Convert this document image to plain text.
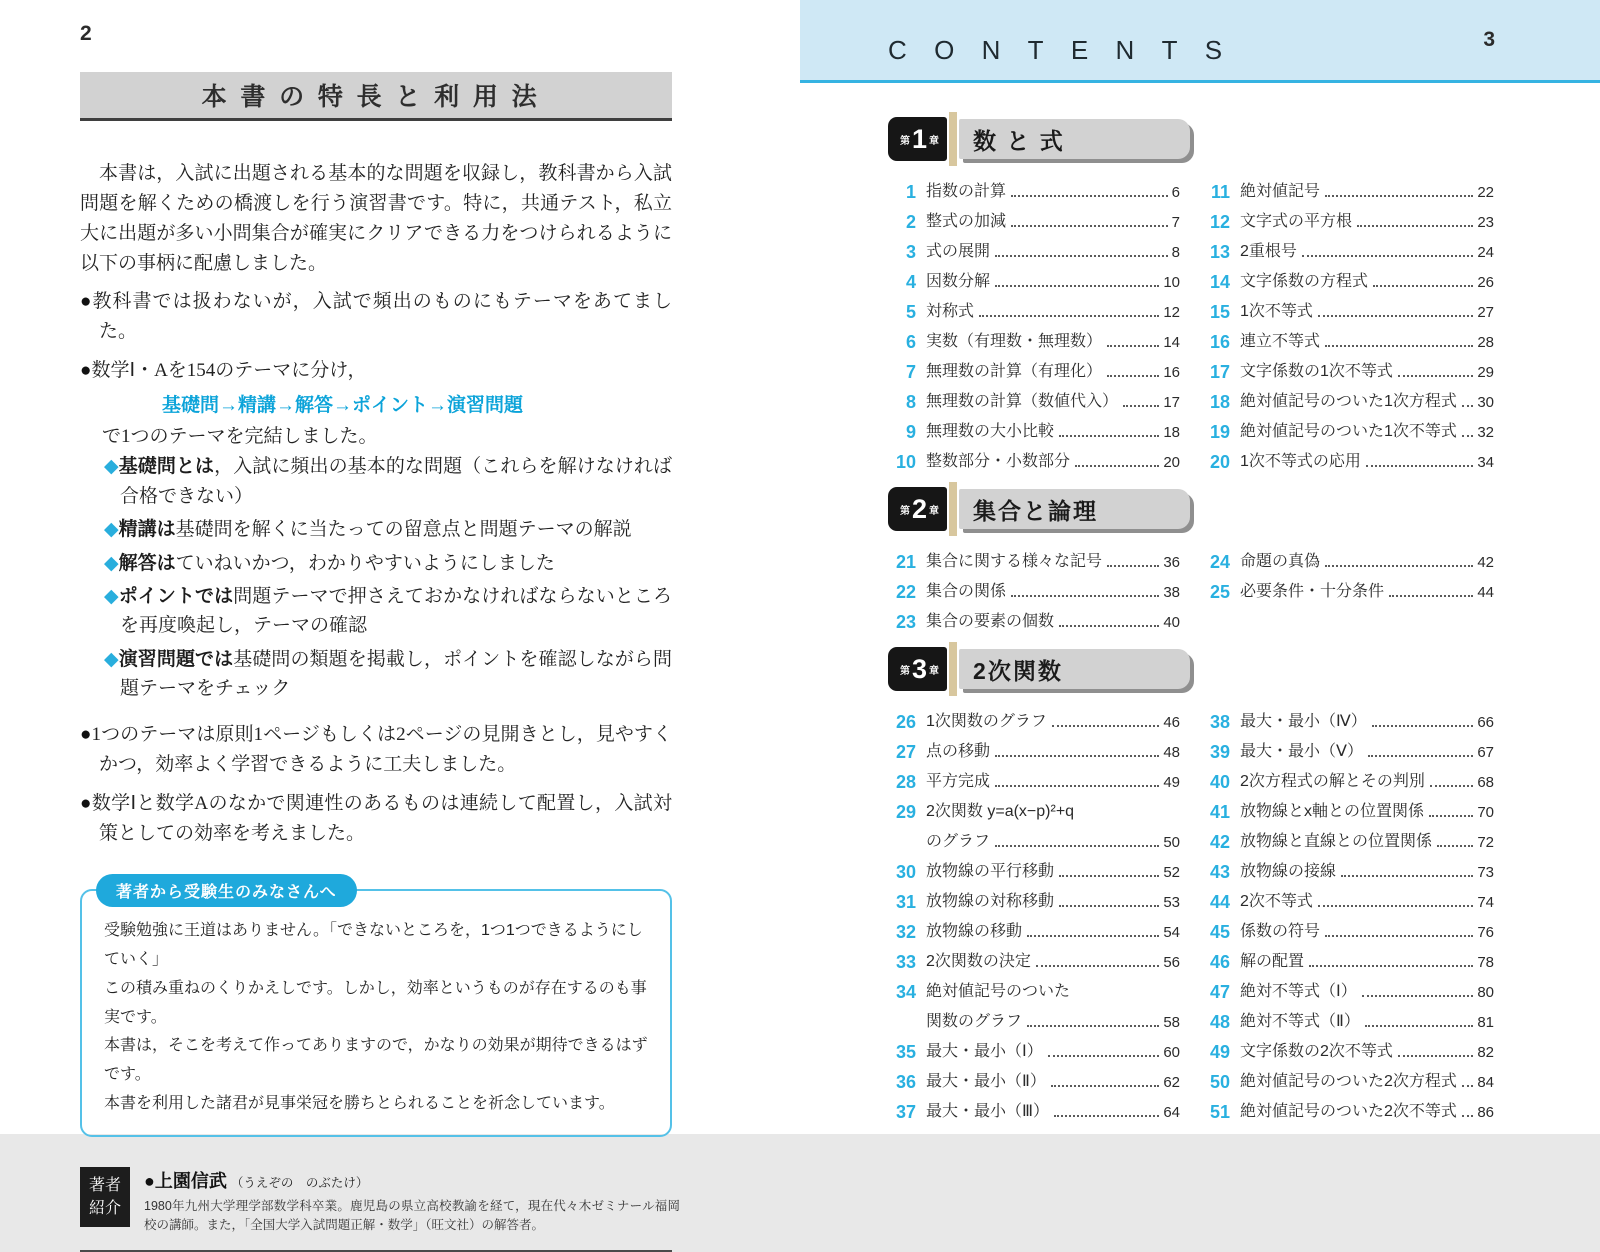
2
本書の特長と利用法

本書は，入試に出題される基本的な問題を収録し，教科書から入試問題を解くための橋渡しを行う演習書です。特に，共通テスト，私立大に出題が多い小問集合が確実にクリアできる力をつけられるように以下の事柄に配慮しました。

●教科書では扱わないが，入試で頻出のものにもテーマをあてました。
●数学Ⅰ・Aを154のテーマに分け，
基礎問→精講→解答→ポイント→演習問題
で1つのテーマを完結しました。
◆基礎問とは，入試に頻出の基本的な問題（これらを解けなければ合格できない）
◆精講は基礎問を解くに当たっての留意点と問題テーマの解説
◆解答はていねいかつ，わかりやすいようにしました
◆ポイントでは問題テーマで押さえておかなければならないところを再度喚起し，テーマの確認
◆演習問題では基礎問の類題を掲載し，ポイントを確認しながら問題テーマをチェック
●1つのテーマは原則1ページもしくは2ページの見開きとし，見やすくかつ，効率よく学習できるように工夫しました。
●数学Ⅰと数学Aのなかで関連性のあるものは連続して配置し，入試対策としての効率を考えました。
著者から受験生のみなさんへ
受験勉強に王道はありません。「できないところを，1つ1つできるようにしていく」
この積み重ねのくりかえしです。しかし，効率というものが存在するのも事実です。
本書は，そこを考えて作ってありますので，かなりの効果が期待できるはずです。
本書を利用した諸君が見事栄冠を勝ちとられることを祈念しています。
著者
紹介
●上園信武 （うえぞの　のぶたけ）
1980年九州大学理学部数学科卒業。鹿児島の県立高校教諭を経て，現在代々木ゼミナール福岡校の講師。また，「全国大学入試問題正解・数学」（旺文社）の解答者。
CONTENTS	3
第 1 章	数 と 式
1 指数の計算	6
2 整式の加減	7
3 式の展開	8
4 因数分解	10
5 対称式	12
6 実数（有理数・無理数）	14
7 無理数の計算（有理化）	16
8 無理数の計算（数値代入）	17
9 無理数の大小比較	18
10 整数部分・小数部分	20
11 絶対値記号	22
12 文字式の平方根	23
13 2重根号	24
14 文字係数の方程式	26
15 1次不等式	27
16 連立不等式	28
17 文字係数の1次不等式	29
18 絶対値記号のついた1次方程式 30
19 絶対値記号のついた1次不等式 32
20 1次不等式の応用	34
第 2 章	集合と論理
21 集合に関する様々な記号	36
22 集合の関係	38
23 集合の要素の個数	40
24 命題の真偽	42
25 必要条件・十分条件	44
第 3 章	2次関数
26 1次関数のグラフ	46
27 点の移動	48
28 平方完成	49
29 2次関数 y=a(x−p)²+q
のグラフ	50
30 放物線の平行移動	52
31 放物線の対称移動	53
32 放物線の移動	54
33 2次関数の決定	56
34 絶対値記号のついた
関数のグラフ	58
35 最大・最小（Ⅰ）	60
36 最大・最小（Ⅱ）	62
37 最大・最小（Ⅲ）	64
38 最大・最小（Ⅳ）	66
39 最大・最小（Ⅴ）	67
40 2次方程式の解とその判別	68
41 放物線とx軸との位置関係	70
42 放物線と直線との位置関係	72
43 放物線の接線	73
44 2次不等式	74
45 係数の符号	76
46 解の配置	78
47 絶対不等式（Ⅰ）	80
48 絶対不等式（Ⅱ）	81
49 文字係数の2次不等式	82
50 絶対値記号のついた2次方程式 84
51 絶対値記号のついた2次不等式 86
